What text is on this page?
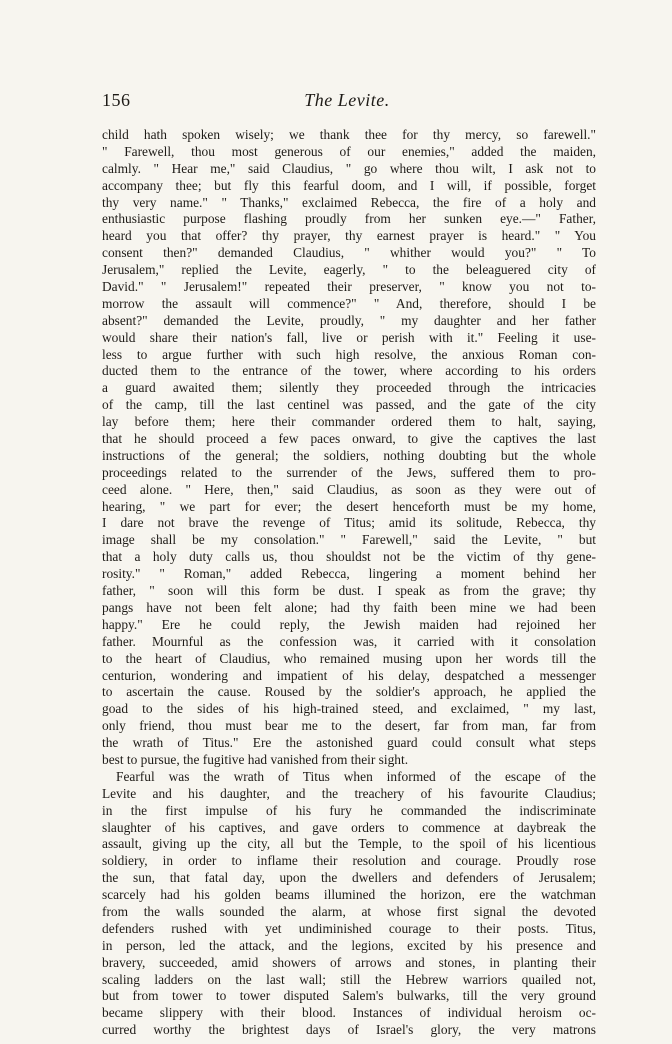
156	The Levite.
child hath spoken wisely; we thank thee for thy mercy, so farewell."
" Farewell, thou most generous of our enemies," added the maiden,
calmly. " Hear me," said Claudius, " go where thou wilt, I ask not to
accompany thee; but fly this fearful doom, and I will, if possible, forget
thy very name." " Thanks," exclaimed Rebecca, the fire of a holy and
enthusiastic purpose flashing proudly from her sunken eye.—" Father,
heard you that offer? thy prayer, thy earnest prayer is heard." " You
consent then?" demanded Claudius, " whither would you?" " To
Jerusalem," replied the Levite, eagerly, " to the beleaguered city of
David." " Jerusalem!" repeated their preserver, " know you not to-
morrow the assault will commence?" " And, therefore, should I be
absent?" demanded the Levite, proudly, " my daughter and her father
would share their nation's fall, live or perish with it." Feeling it use-
less to argue further with such high resolve, the anxious Roman con-
ducted them to the entrance of the tower, where according to his orders
a guard awaited them; silently they proceeded through the intricacies
of the camp, till the last centinel was passed, and the gate of the city
lay before them; here their commander ordered them to halt, saying,
that he should proceed a few paces onward, to give the captives the last
instructions of the general; the soldiers, nothing doubting but the whole
proceedings related to the surrender of the Jews, suffered them to pro-
ceed alone. " Here, then," said Claudius, as soon as they were out of
hearing, " we part for ever; the desert henceforth must be my home,
I dare not brave the revenge of Titus; amid its solitude, Rebecca, thy
image shall be my consolation." " Farewell," said the Levite, " but
that a holy duty calls us, thou shouldst not be the victim of thy gene-
rosity." " Roman," added Rebecca, lingering a moment behind her
father, " soon will this form be dust. I speak as from the grave; thy
pangs have not been felt alone; had thy faith been mine we had been
happy." Ere he could reply, the Jewish maiden had rejoined her
father. Mournful as the confession was, it carried with it consolation
to the heart of Claudius, who remained musing upon her words till the
centurion, wondering and impatient of his delay, despatched a messenger
to ascertain the cause. Roused by the soldier's approach, he applied the
goad to the sides of his high-trained steed, and exclaimed, " my last,
only friend, thou must bear me to the desert, far from man, far from
the wrath of Titus." Ere the astonished guard could consult what steps
best to pursue, the fugitive had vanished from their sight.
Fearful was the wrath of Titus when informed of the escape of the
Levite and his daughter, and the treachery of his favourite Claudius;
in the first impulse of his fury he commanded the indiscriminate
slaughter of his captives, and gave orders to commence at daybreak the
assault, giving up the city, all but the Temple, to the spoil of his licentious
soldiery, in order to inflame their resolution and courage. Proudly rose
the sun, that fatal day, upon the dwellers and defenders of Jerusalem;
scarcely had his golden beams illumined the horizon, ere the watchman
from the walls sounded the alarm, at whose first signal the devoted
defenders rushed with yet undiminished courage to their posts. Titus,
in person, led the attack, and the legions, excited by his presence and
bravery, succeeded, amid showers of arrows and stones, in planting their
scaling ladders on the last wall; still the Hebrew warriors quailed not,
but from tower to tower disputed Salem's bulwarks, till the very ground
became slippery with their blood. Instances of individual heroism oc-
curred worthy the brightest days of Israel's glory, the very matrons
